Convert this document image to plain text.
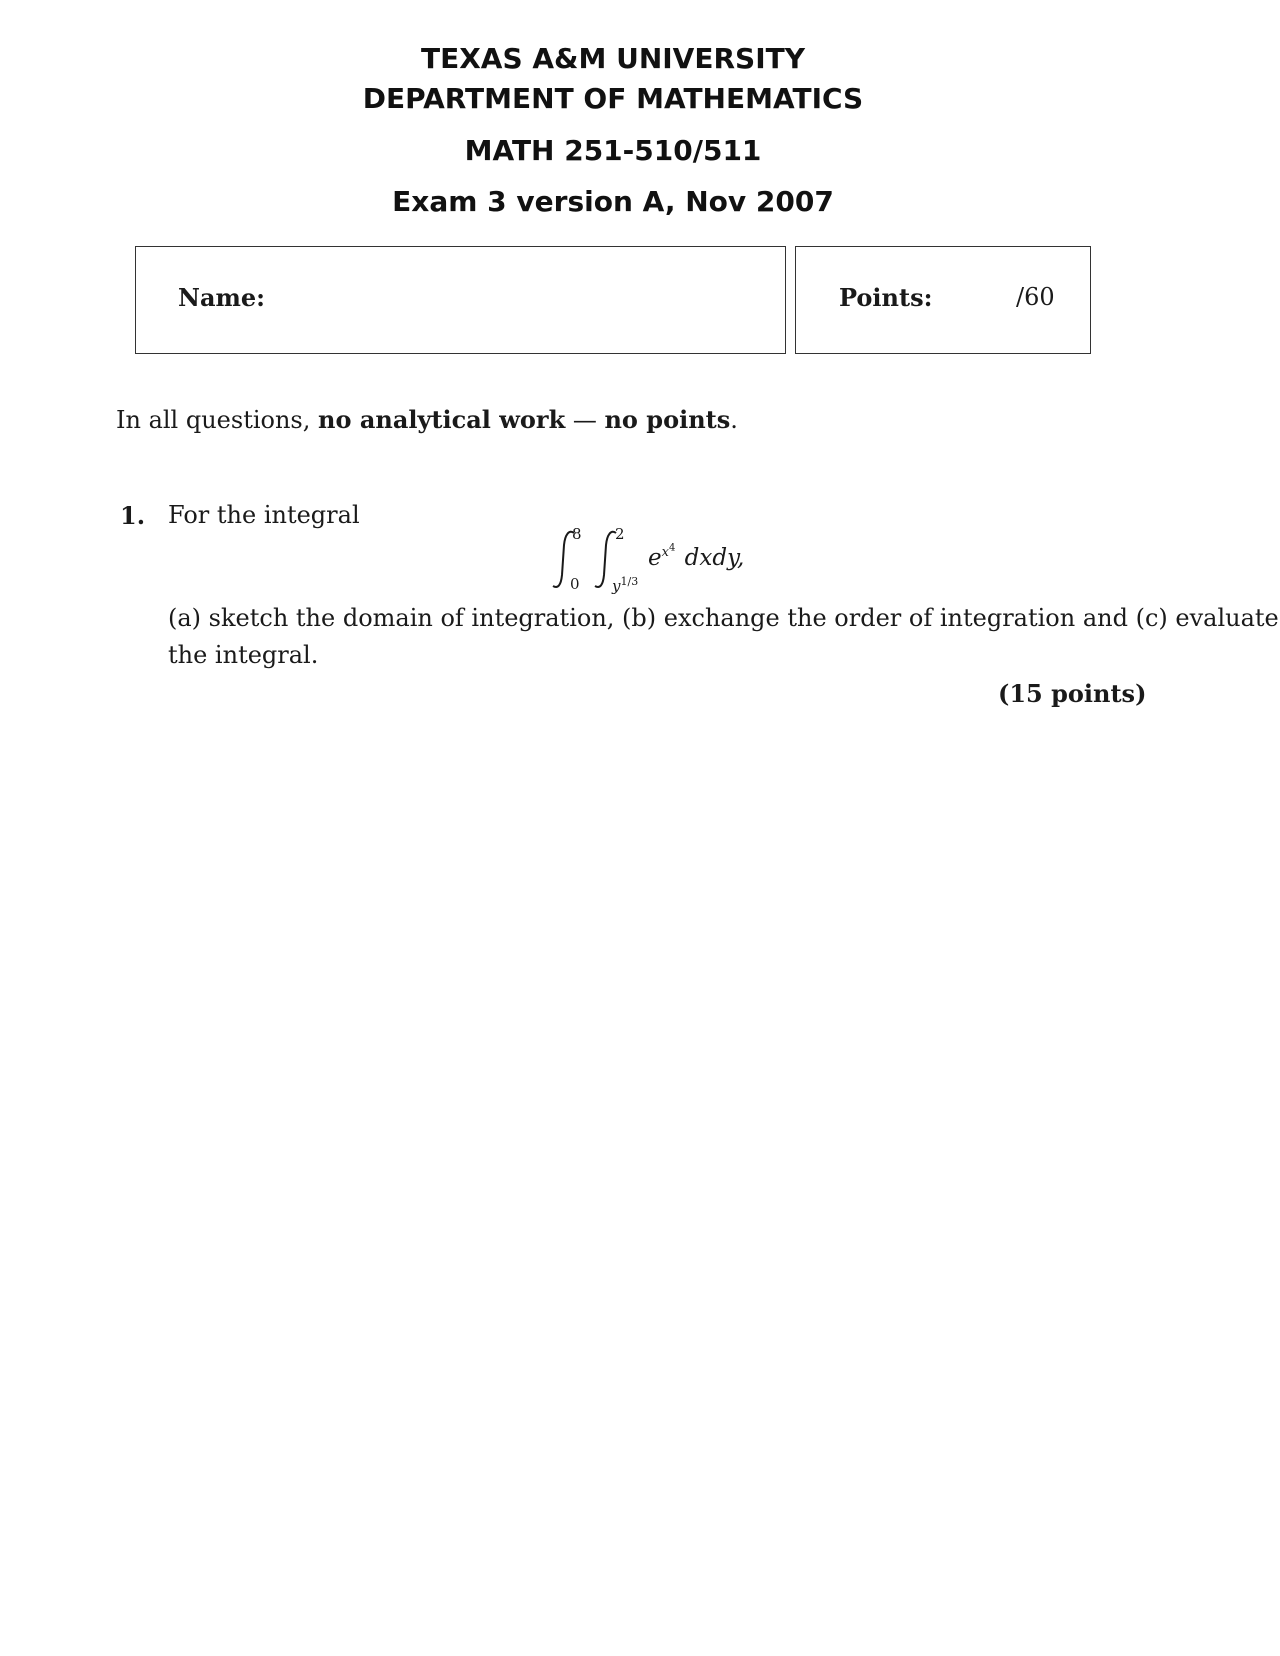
TEXAS A&M UNIVERSITY
DEPARTMENT OF MATHEMATICS
MATH 251-510/511
Exam 3 version A, Nov 2007
Name:	Points:	/60
In all questions, no analytical work — no points.
1. For the integral
8
0
2
$y^{1/3}$
$e^{x^4}$ dxdy,
(a) sketch the domain of integration, (b) exchange the order of integration and (c) evaluate
the integral.
(15 points)
